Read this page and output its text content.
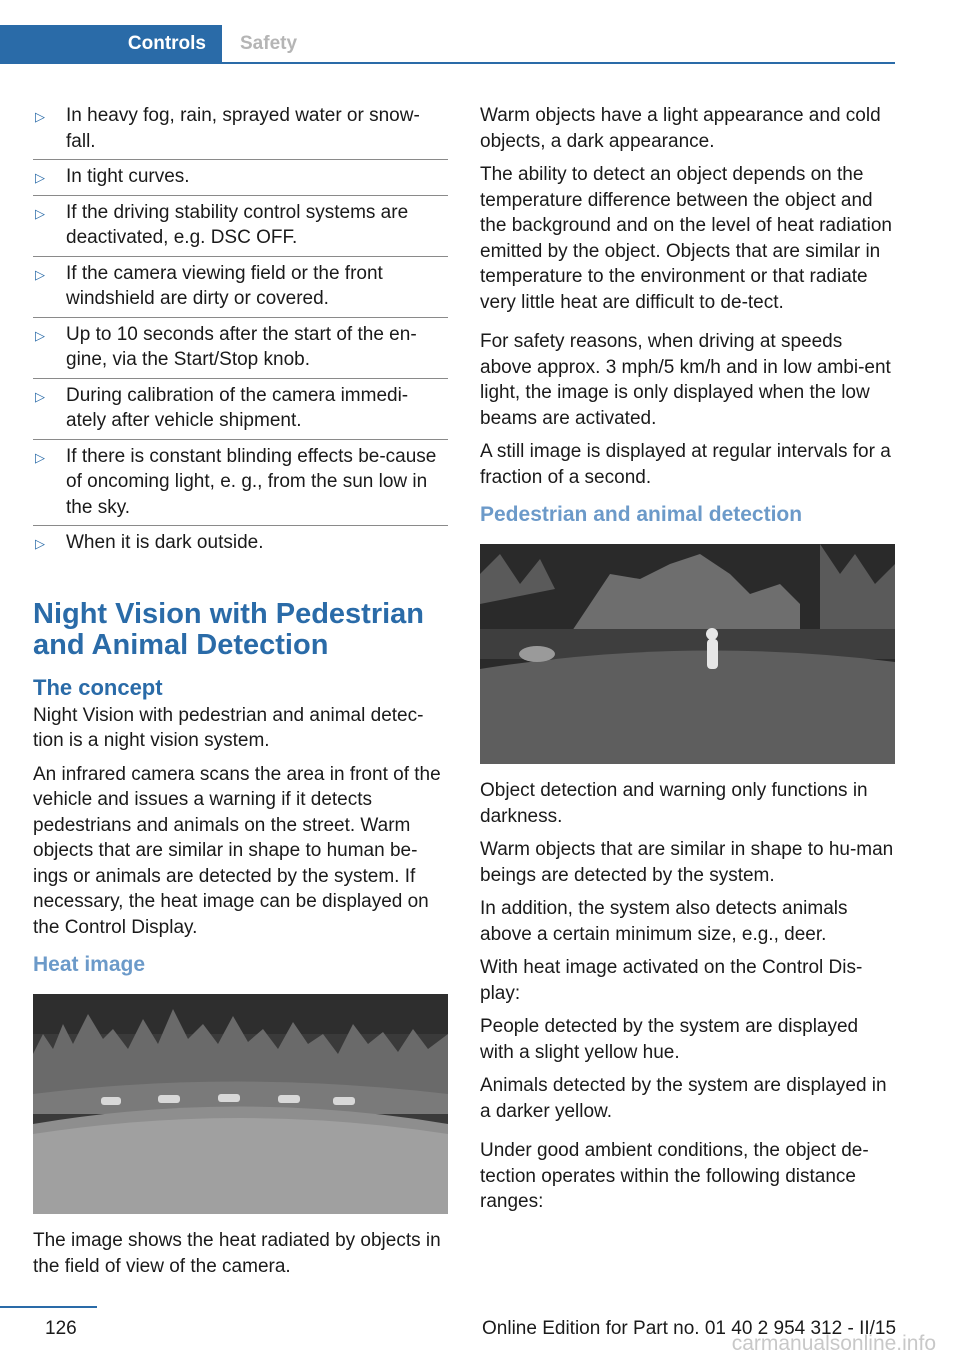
Controls	Safety
▷ In heavy fog, rain, sprayed water or snow-fall.
▷ In tight curves.
▷ If the driving stability control systems are deactivated, e.g. DSC OFF.
▷ If the camera viewing field or the front windshield are dirty or covered.
▷ Up to 10 seconds after the start of the en-gine, via the Start/Stop knob.
▷ During calibration of the camera immedi-ately after vehicle shipment.
▷ If there is constant blinding effects be-cause of oncoming light, e. g., from the sun low in the sky.
▷ When it is dark outside.
Night Vision with Pedestrian and Animal Detection
The concept

Night Vision with pedestrian and animal detec-tion is a night vision system.

An infrared camera scans the area in front of the vehicle and issues a warning if it detects pedestrians and animals on the street. Warm objects that are similar in shape to human be-ings or animals are detected by the system. If necessary, the heat image can be displayed on the Control Display.

Heat image

The image shows the heat radiated by objects in the field of view of the camera.

Warm objects have a light appearance and cold objects, a dark appearance.

The ability to detect an object depends on the temperature difference between the object and the background and on the level of heat radiation emitted by the object. Objects that are similar in temperature to the environment or that radiate very little heat are difficult to de-tect.

For safety reasons, when driving at speeds above approx. 3 mph/5 km/h and in low ambi-ent light, the image is only displayed when the low beams are activated.

A still image is displayed at regular intervals for a fraction of a second.

Pedestrian and animal detection

Object detection and warning only functions in darkness.

Warm objects that are similar in shape to hu-man beings are detected by the system.

In addition, the system also detects animals above a certain minimum size, e.g., deer.

With heat image activated on the Control Dis-play:

People detected by the system are displayed with a slight yellow hue.

Animals detected by the system are displayed in a darker yellow.

Under good ambient conditions, the object de-tection operates within the following distance ranges:

126	Online Edition for Part no. 01 40 2 954 312 - II/15
carmanualsonline.info
